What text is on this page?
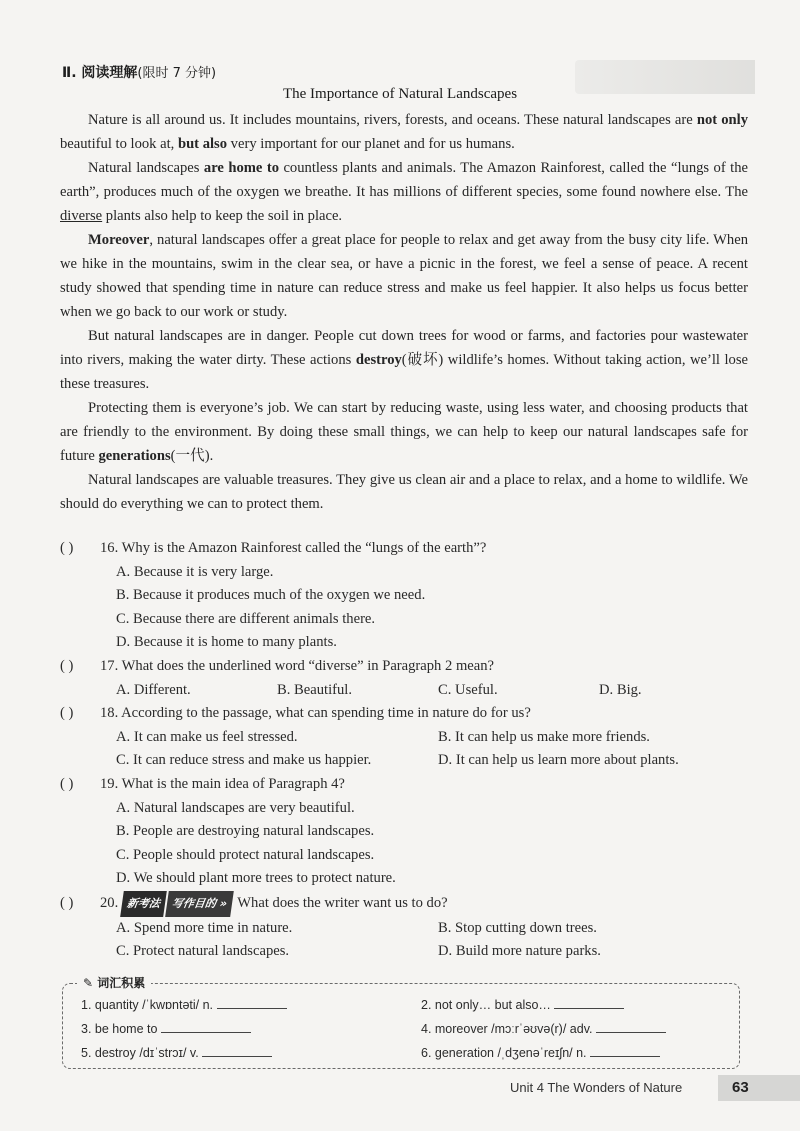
Ⅱ. 阅读理解(限时 7 分钟)
The Importance of Natural Landscapes

Nature is all around us. It includes mountains, rivers, forests, and oceans. These natural landscapes are not only beautiful to look at, but also very important for our planet and for us humans.

Natural landscapes are home to countless plants and animals. The Amazon Rainforest, called the “lungs of the earth”, produces much of the oxygen we breathe. It has millions of different species, some found nowhere else. The diverse plants also help to keep the soil in place.

Moreover, natural landscapes offer a great place for people to relax and get away from the busy city life. When we hike in the mountains, swim in the clear sea, or have a picnic in the forest, we feel a sense of peace. A recent study showed that spending time in nature can reduce stress and make us feel happier. It also helps us focus better when we go back to our work or study.

But natural landscapes are in danger. People cut down trees for wood or farms, and factories pour wastewater into rivers, making the water dirty. These actions destroy(破坏) wildlife’s homes. Without taking action, we’ll lose these treasures.

Protecting them is everyone’s job. We can start by reducing waste, using less water, and choosing products that are friendly to the environment. By doing these small things, we can help to keep our natural landscapes safe for future generations(一代).

Natural landscapes are valuable treasures. They give us clean air and a place to relax, and a home to wildlife. We should do everything we can to protect them.

( ) 16. Why is the Amazon Rainforest called the “lungs of the earth”?
A. Because it is very large.
B. Because it produces much of the oxygen we need.
C. Because there are different animals there.
D. Because it is home to many plants.
( ) 17. What does the underlined word “diverse” in Paragraph 2 mean?
A. Different.	B. Beautiful.	C. Useful.	D. Big.
( ) 18. According to the passage, what can spending time in nature do for us?
A. It can make us feel stressed.	B. It can help us make more friends.
C. It can reduce stress and make us happier.	D. It can help us learn more about plants.
( ) 19. What is the main idea of Paragraph 4?
A. Natural landscapes are very beautiful.
B. People are destroying natural landscapes.
C. People should protect natural landscapes.
D. We should plant more trees to protect nature.
( ) 20. 新考法 写作目的 » What does the writer want us to do?
A. Spend more time in nature.	B. Stop cutting down trees.
C. Protect natural landscapes.	D. Build more nature parks.
✎ 词汇积累
1. quantity /ˈkwɒntəti/ n.	2. not only… but also…
3. be home to	4. moreover /mɔːrˈəʊvə(r)/ adv.
5. destroy /dɪˈstrɔɪ/ v.	6. generation /ˌdʒenəˈreɪʃn/ n.
Unit 4 The Wonders of Nature	63
